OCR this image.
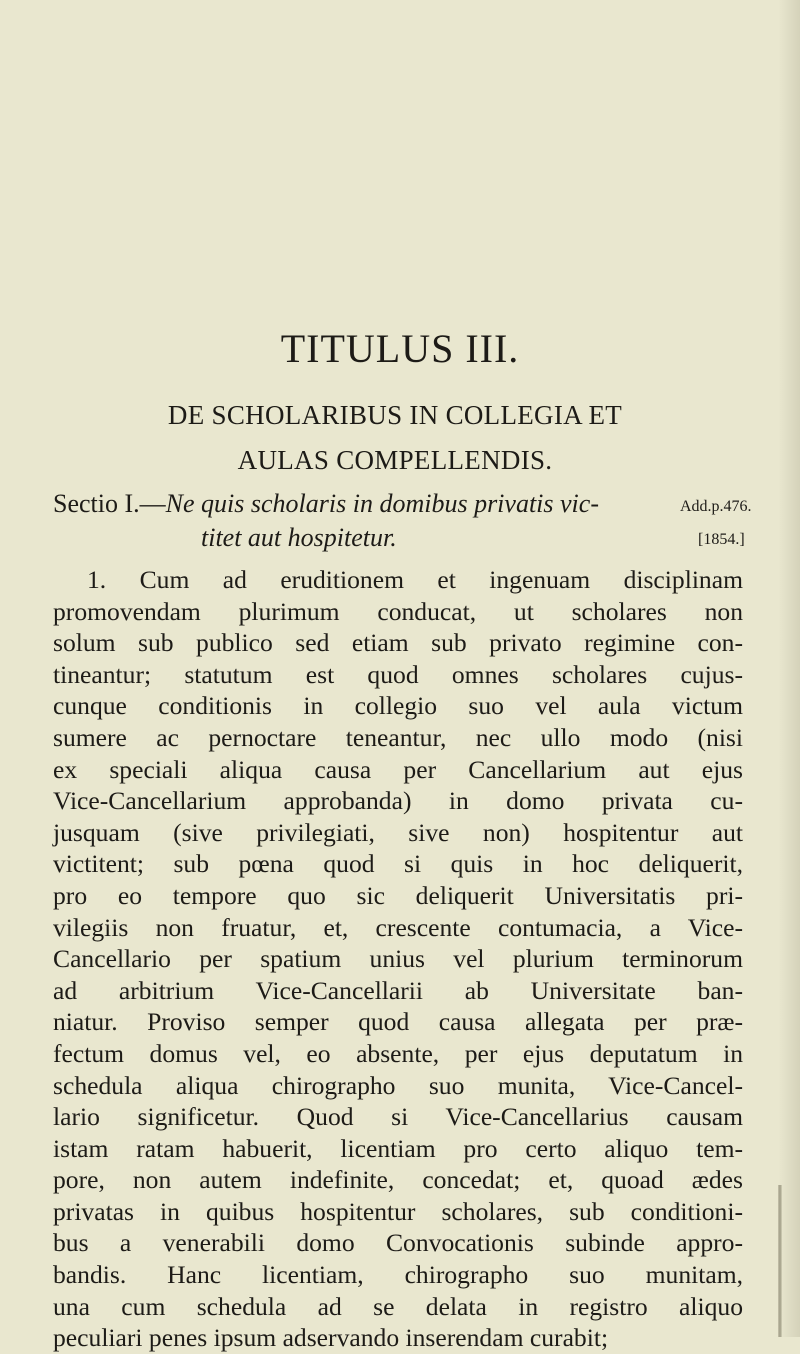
TITULUS III.
DE SCHOLARIBUS IN COLLEGIA ET
AULAS COMPELLENDIS.
Sectio I.—Ne quis scholaris in domibus privatis vic-
titet aut hospitetur.
Add.p.476.
[1854.]
1. Cum ad eruditionem et ingenuam disciplinam
promovendam plurimum conducat, ut scholares non
solum sub publico sed etiam sub privato regimine con-
tineantur; statutum est quod omnes scholares cujus-
cunque conditionis in collegio suo vel aula victum
sumere ac pernoctare teneantur, nec ullo modo (nisi
ex speciali aliqua causa per Cancellarium aut ejus
Vice-Cancellarium approbanda) in domo privata cu-
jusquam (sive privilegiati, sive non) hospitentur aut
victitent; sub pœna quod si quis in hoc deliquerit,
pro eo tempore quo sic deliquerit Universitatis pri-
vilegiis non fruatur, et, crescente contumacia, a Vice-
Cancellario per spatium unius vel plurium terminorum
ad arbitrium Vice-Cancellarii ab Universitate ban-
niatur. Proviso semper quod causa allegata per præ-
fectum domus vel, eo absente, per ejus deputatum in
schedula aliqua chirographo suo munita, Vice-Cancel-
lario significetur. Quod si Vice-Cancellarius causam
istam ratam habuerit, licentiam pro certo aliquo tem-
pore, non autem indefinite, concedat; et, quoad ædes
privatas in quibus hospitentur scholares, sub conditioni-
bus a venerabili domo Convocationis subinde appro-
bandis. Hanc licentiam, chirographo suo munitam,
una cum schedula ad se delata in registro aliquo
peculiari penes ipsum adservando inserendam curabit;
